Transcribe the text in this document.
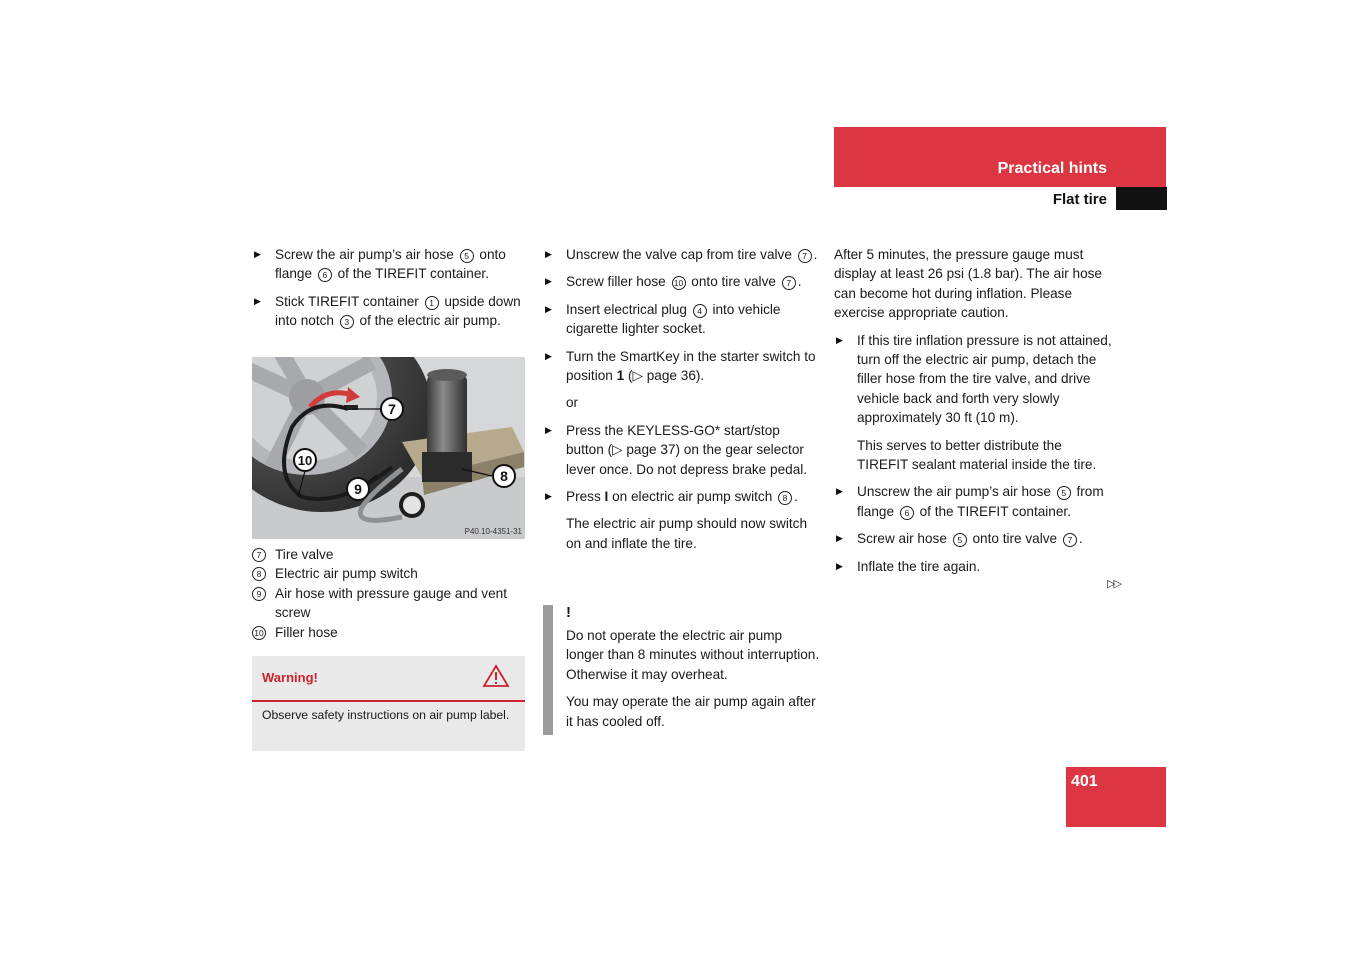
Practical hints
Flat tire
▶ Screw the air pump’s air hose 5 onto flange 6 of the TIREFIT container.
▶ Stick TIREFIT container 1 upside down into notch 3 of the electric air pump.
7
10
9
8
P40.10-4351-31
7	Tire valve
8	Electric air pump switch
9	Air hose with pressure gauge and vent screw
10 Filler hose
Warning!
Observe safety instructions on air pump label.
▶ Unscrew the valve cap from tire valve 7 .
▶ Screw filler hose 10 onto tire valve 7 .
▶ Insert electrical plug 4 into vehicle cigarette lighter socket.
▶ Turn the SmartKey in the starter switch to position 1 (▷ page 36).
or
▶ Press the KEYLESS-GO* start/stop button (▷ page 37) on the gear selector lever once. Do not depress brake pedal.
▶ Press I on electric air pump switch 8 .
The electric air pump should now switch on and inflate the tire.
!

Do not operate the electric air pump longer than 8 minutes without interruption. Otherwise it may overheat.

You may operate the air pump again after it has cooled off.

After 5 minutes, the pressure gauge must display at least 26 psi (1.8 bar). The air hose can become hot during inflation. Please exercise appropriate caution.

▶ If this tire inflation pressure is not attained, turn off the electric air pump, detach the filler hose from the tire valve, and drive vehicle back and forth very slowly approximately 30 ft (10 m).
This serves to better distribute the TIREFIT sealant material inside the tire.
▶ Unscrew the air pump’s air hose 5 from flange 6 of the TIREFIT container.
▶ Screw air hose 5 onto tire valve 7 .
▶ Inflate the tire again.
▷▷
401
